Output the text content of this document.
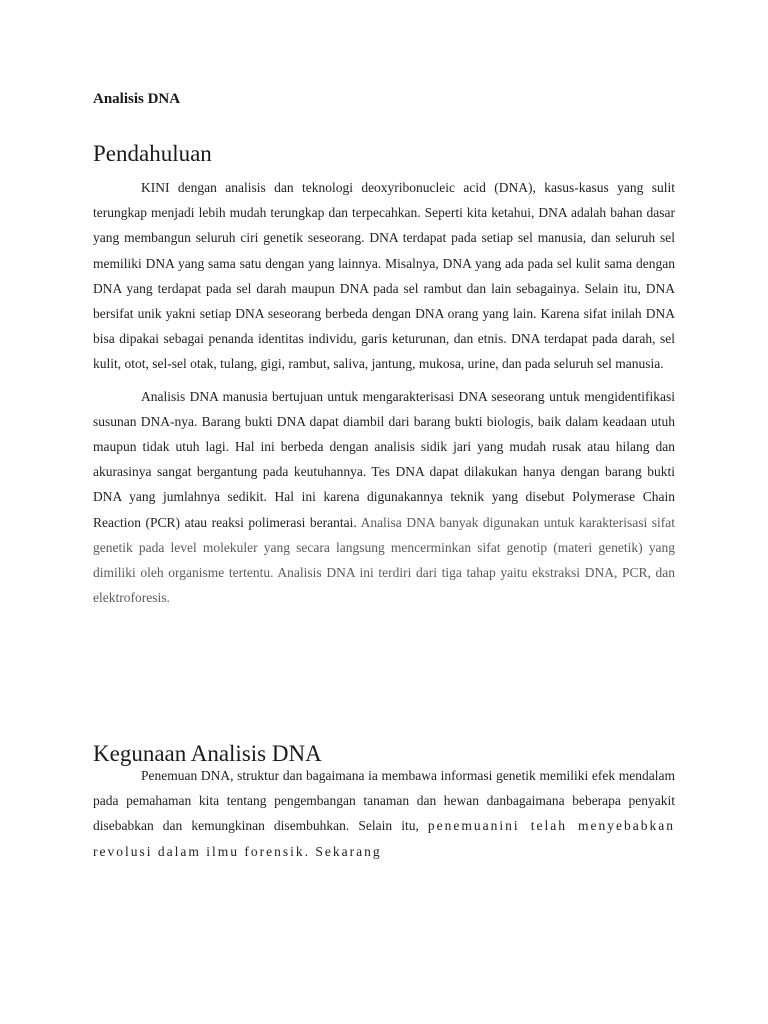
Analisis DNA
Pendahuluan

KINI dengan analisis dan teknologi deoxyribonucleic acid (DNA), kasus-kasus yang sulit terungkap menjadi lebih mudah terungkap dan terpecahkan. Seperti kita ketahui, DNA adalah bahan dasar yang membangun seluruh ciri genetik seseorang. DNA terdapat pada setiap sel manusia, dan seluruh sel memiliki DNA yang sama satu dengan yang lainnya. Misalnya, DNA yang ada pada sel kulit sama dengan DNA yang terdapat pada sel darah maupun DNA pada sel rambut dan lain sebagainya. Selain itu, DNA bersifat unik yakni setiap DNA seseorang berbeda dengan DNA orang yang lain. Karena sifat inilah DNA bisa dipakai sebagai penanda identitas individu, garis keturunan, dan etnis. DNA terdapat pada darah, sel kulit, otot, sel-sel otak, tulang, gigi, rambut, saliva, jantung, mukosa, urine, dan pada seluruh sel manusia.

Analisis DNA manusia bertujuan untuk mengarakterisasi DNA seseorang untuk mengidentifikasi susunan DNA-nya. Barang bukti DNA dapat diambil dari barang bukti biologis, baik dalam keadaan utuh maupun tidak utuh lagi. Hal ini berbeda dengan analisis sidik jari yang mudah rusak atau hilang dan akurasinya sangat bergantung pada keutuhannya. Tes DNA dapat dilakukan hanya dengan barang bukti DNA yang jumlahnya sedikit. Hal ini karena digunakannya teknik yang disebut Polymerase Chain Reaction (PCR) atau reaksi polimerasi berantai. Analisa DNA banyak digunakan untuk karakterisasi sifat genetik pada level molekuler yang secara langsung mencerminkan sifat genotip (materi genetik) yang dimiliki oleh organisme tertentu. Analisis DNA ini terdiri dari tiga tahap yaitu ekstraksi DNA, PCR, dan elektroforesis.

Kegunaan Analisis DNA

Penemuan DNA, struktur dan bagaimana ia membawa informasi genetik memiliki efek mendalam pada pemahaman kita tentang pengembangan tanaman dan hewan danbagaimana beberapa penyakit disebabkan dan kemungkinan disembuhkan. Selain itu, penemuanini telah menyebabkan revolusi dalam ilmu forensik. Sekarang
